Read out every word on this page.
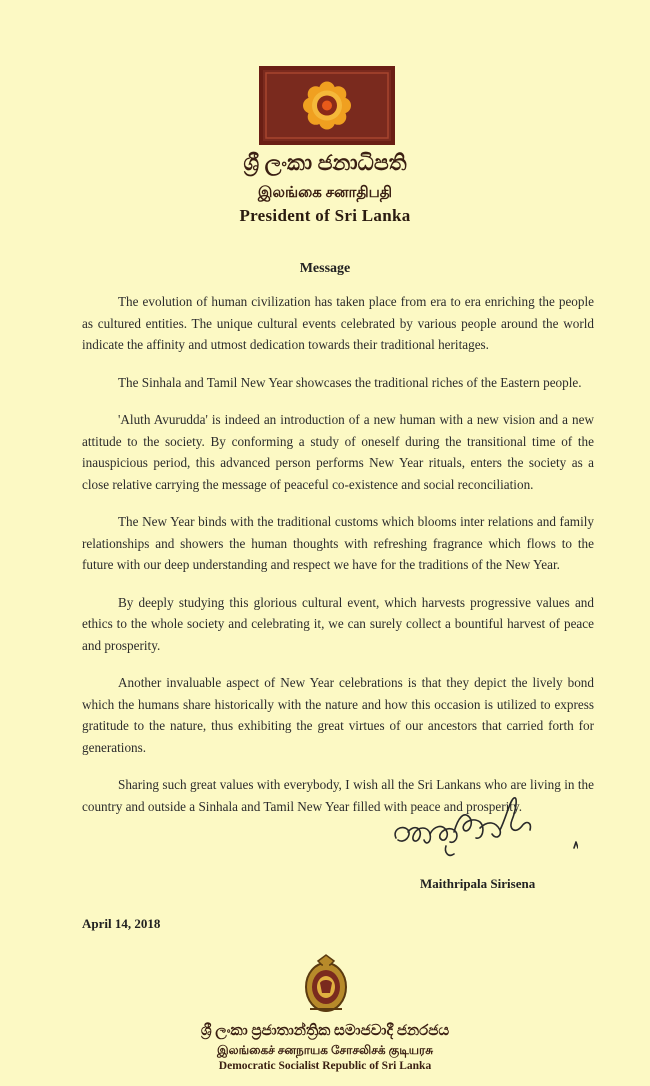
ශ්‍රී ලංකා ජනාධිපති
இலங்கை சனாதிபதி
President of Sri Lanka
Message

The evolution of human civilization has taken place from era to era enriching the people as cultured entities. The unique cultural events celebrated by various people around the world indicate the affinity and utmost dedication towards their traditional heritages.

The Sinhala and Tamil New Year showcases the traditional riches of the Eastern people.

'Aluth Avurudda' is indeed an introduction of a new human with a new vision and a new attitude to the society. By conforming a study of oneself during the transitional time of the inauspicious period, this advanced person performs New Year rituals, enters the society as a close relative carrying the message of peaceful co-existence and social reconciliation.

The New Year binds with the traditional customs which blooms inter relations and family relationships and showers the human thoughts with refreshing fragrance which flows to the future with our deep understanding and respect we have for the traditions of the New Year.

By deeply studying this glorious cultural event, which harvests progressive values and ethics to the whole society and celebrating it, we can surely collect a bountiful harvest of peace and prosperity.

Another invaluable aspect of New Year celebrations is that they depict the lively bond which the humans share historically with the nature and how this occasion is utilized to express gratitude to the nature, thus exhibiting the great virtues of our ancestors that carried forth for generations.

Sharing such great values with everybody, I wish all the Sri Lankans who are living in the country and outside a Sinhala and Tamil New Year filled with peace and prosperity.

Maithripala Sirisena
April 14, 2018
ශ්‍රී ලංකා ප්‍රජාතාන්ත්‍රික සමාජවාදී ජනරජය
இலங்கைச் சனநாயக சோசலிசக் குடியரசு
Democratic Socialist Republic of Sri Lanka
